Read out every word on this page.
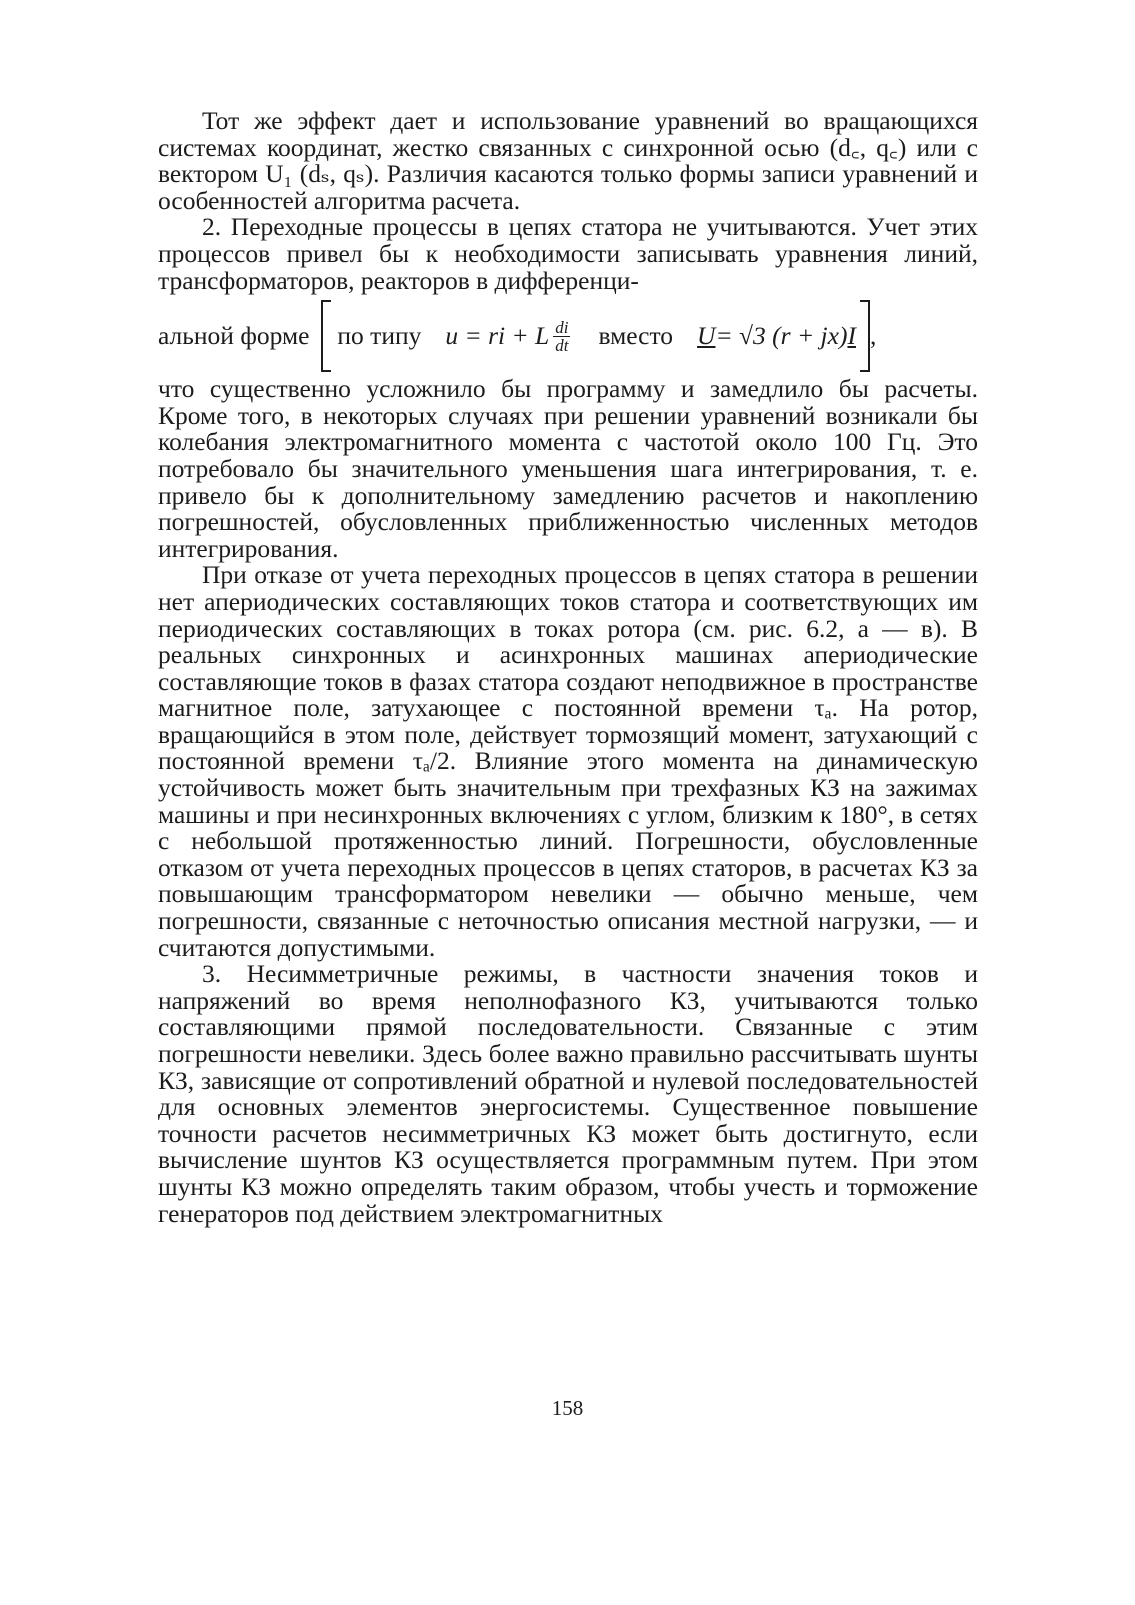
Тот же эффект дает и использование уравнений во вращающихся системах координат, жестко связанных с синхронной осью (d꜀, q꜀) или с вектором U₁ (dₛ, qₛ). Различия касаются только формы записи уравнений и особенностей алгоритма расчета.

2. Переходные процессы в цепях статора не учитываются. Учет этих процессов привел бы к необходимости записывать уравнения линий, трансформаторов, реакторов в дифференци-

альной форме по типу u = ri + L $\frac{di}{dt}$ вместо U = √3 (r + jx) I ,

что существенно усложнило бы программу и замедлило бы расчеты. Кроме того, в некоторых случаях при решении уравнений возникали бы колебания электромагнитного момента с частотой около 100 Гц. Это потребовало бы значительного уменьшения шага интегрирования, т. е. привело бы к дополнительному замедлению расчетов и накоплению погрешностей, обусловленных приближенностью численных методов интегрирования.

При отказе от учета переходных процессов в цепях статора в решении нет апериодических составляющих токов статора и соответствующих им периодических составляющих в токах ротора (см. рис. 6.2, а — в). В реальных синхронных и асинхронных машинах апериодические составляющие токов в фазах статора создают неподвижное в пространстве магнитное поле, затухающее с постоянной времени τₐ. На ротор, вращающийся в этом поле, действует тормозящий момент, затухающий с постоянной времени τₐ/2. Влияние этого момента на динамическую устойчивость может быть значительным при трехфазных КЗ на зажимах машины и при несинхронных включениях с углом, близким к 180°, в сетях с небольшой протяженностью линий. Погрешности, обусловленные отказом от учета переходных процессов в цепях статоров, в расчетах КЗ за повышающим трансформатором невелики — обычно меньше, чем погрешности, связанные с неточностью описания местной нагрузки, — и считаются допустимыми.

3. Несимметричные режимы, в частности значения токов и напряжений во время неполнофазного КЗ, учитываются только составляющими прямой последовательности. Связанные с этим погрешности невелики. Здесь более важно правильно рассчитывать шунты КЗ, зависящие от сопротивлений обратной и нулевой последовательностей для основных элементов энергосистемы. Существенное повышение точности расчетов несимметричных КЗ может быть достигнуто, если вычисление шунтов КЗ осуществляется программным путем. При этом шунты КЗ можно определять таким образом, чтобы учесть и торможение генераторов под действием электромагнитных

158
